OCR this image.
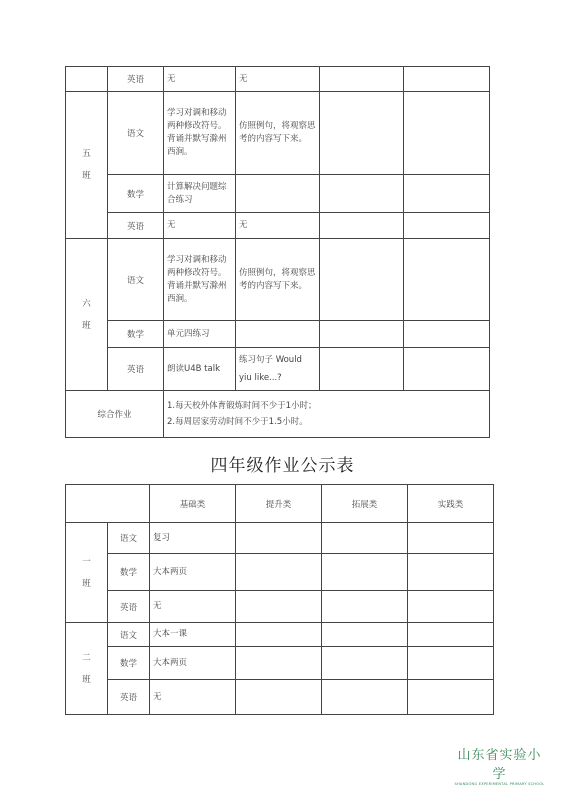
	英语	无	无		
五
班	语文	学习对调和移动两种修改符号。背诵并默写滁州西涧。	仿照例句，将观察思考的内容写下来。		
	数学	计算解决问题综合练习			
	英语	无	无		
六
班	语文	学习对调和移动两种修改符号。背诵并默写滁州西涧。	仿照例句，将观察思考的内容写下来。		
	数学	单元四练习			
	英语	朗读U4B talk	练习句子 Would yiu like...?		
综合作业		1.每天校外体育锻炼时间不少于1小时；
2.每周居家劳动时间不少于1.5小时。			
四年级作业公示表
		基础类	提升类	拓展类	实践类
一
班	语文	复习			
	数学	大本两页			
	英语	无			
二
班	语文	大本一课			
	数学	大本两页			
	英语	无			
山东省实验小学
SHANDONG EXPERIMENTAL PRIMARY SCHOOL
